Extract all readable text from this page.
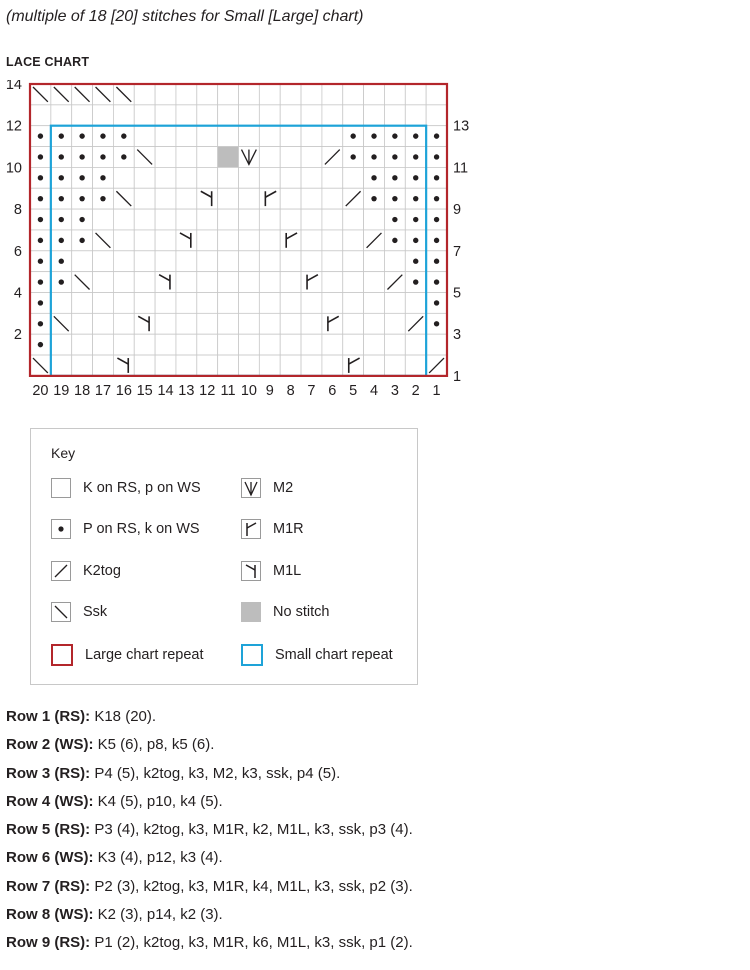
(multiple of 18 [20] stitches for Small [Large] chart)
LACE CHART
20 19 18 17 16 15 14 13 12 11 10 9 8 7 6 5 4 3 2 1
14
12
10
8
6
4
2
13
11
9
7
5
3
1
Key
K on RS, p on WS
P on RS, k on WS
K2tog
Ssk
Large chart repeat
M2
M1R
M1L
No stitch
Small chart repeat
Row 1 (RS): K18 (20).
Row 2 (WS): K5 (6), p8, k5 (6).
Row 3 (RS): P4 (5), k2tog, k3, M2, k3, ssk, p4 (5).
Row 4 (WS): K4 (5), p10, k4 (5).
Row 5 (RS): P3 (4), k2tog, k3, M1R, k2, M1L, k3, ssk, p3 (4).
Row 6 (WS): K3 (4), p12, k3 (4).
Row 7 (RS): P2 (3), k2tog, k3, M1R, k4, M1L, k3, ssk, p2 (3).
Row 8 (WS): K2 (3), p14, k2 (3).
Row 9 (RS): P1 (2), k2tog, k3, M1R, k6, M1L, k3, ssk, p1 (2).
